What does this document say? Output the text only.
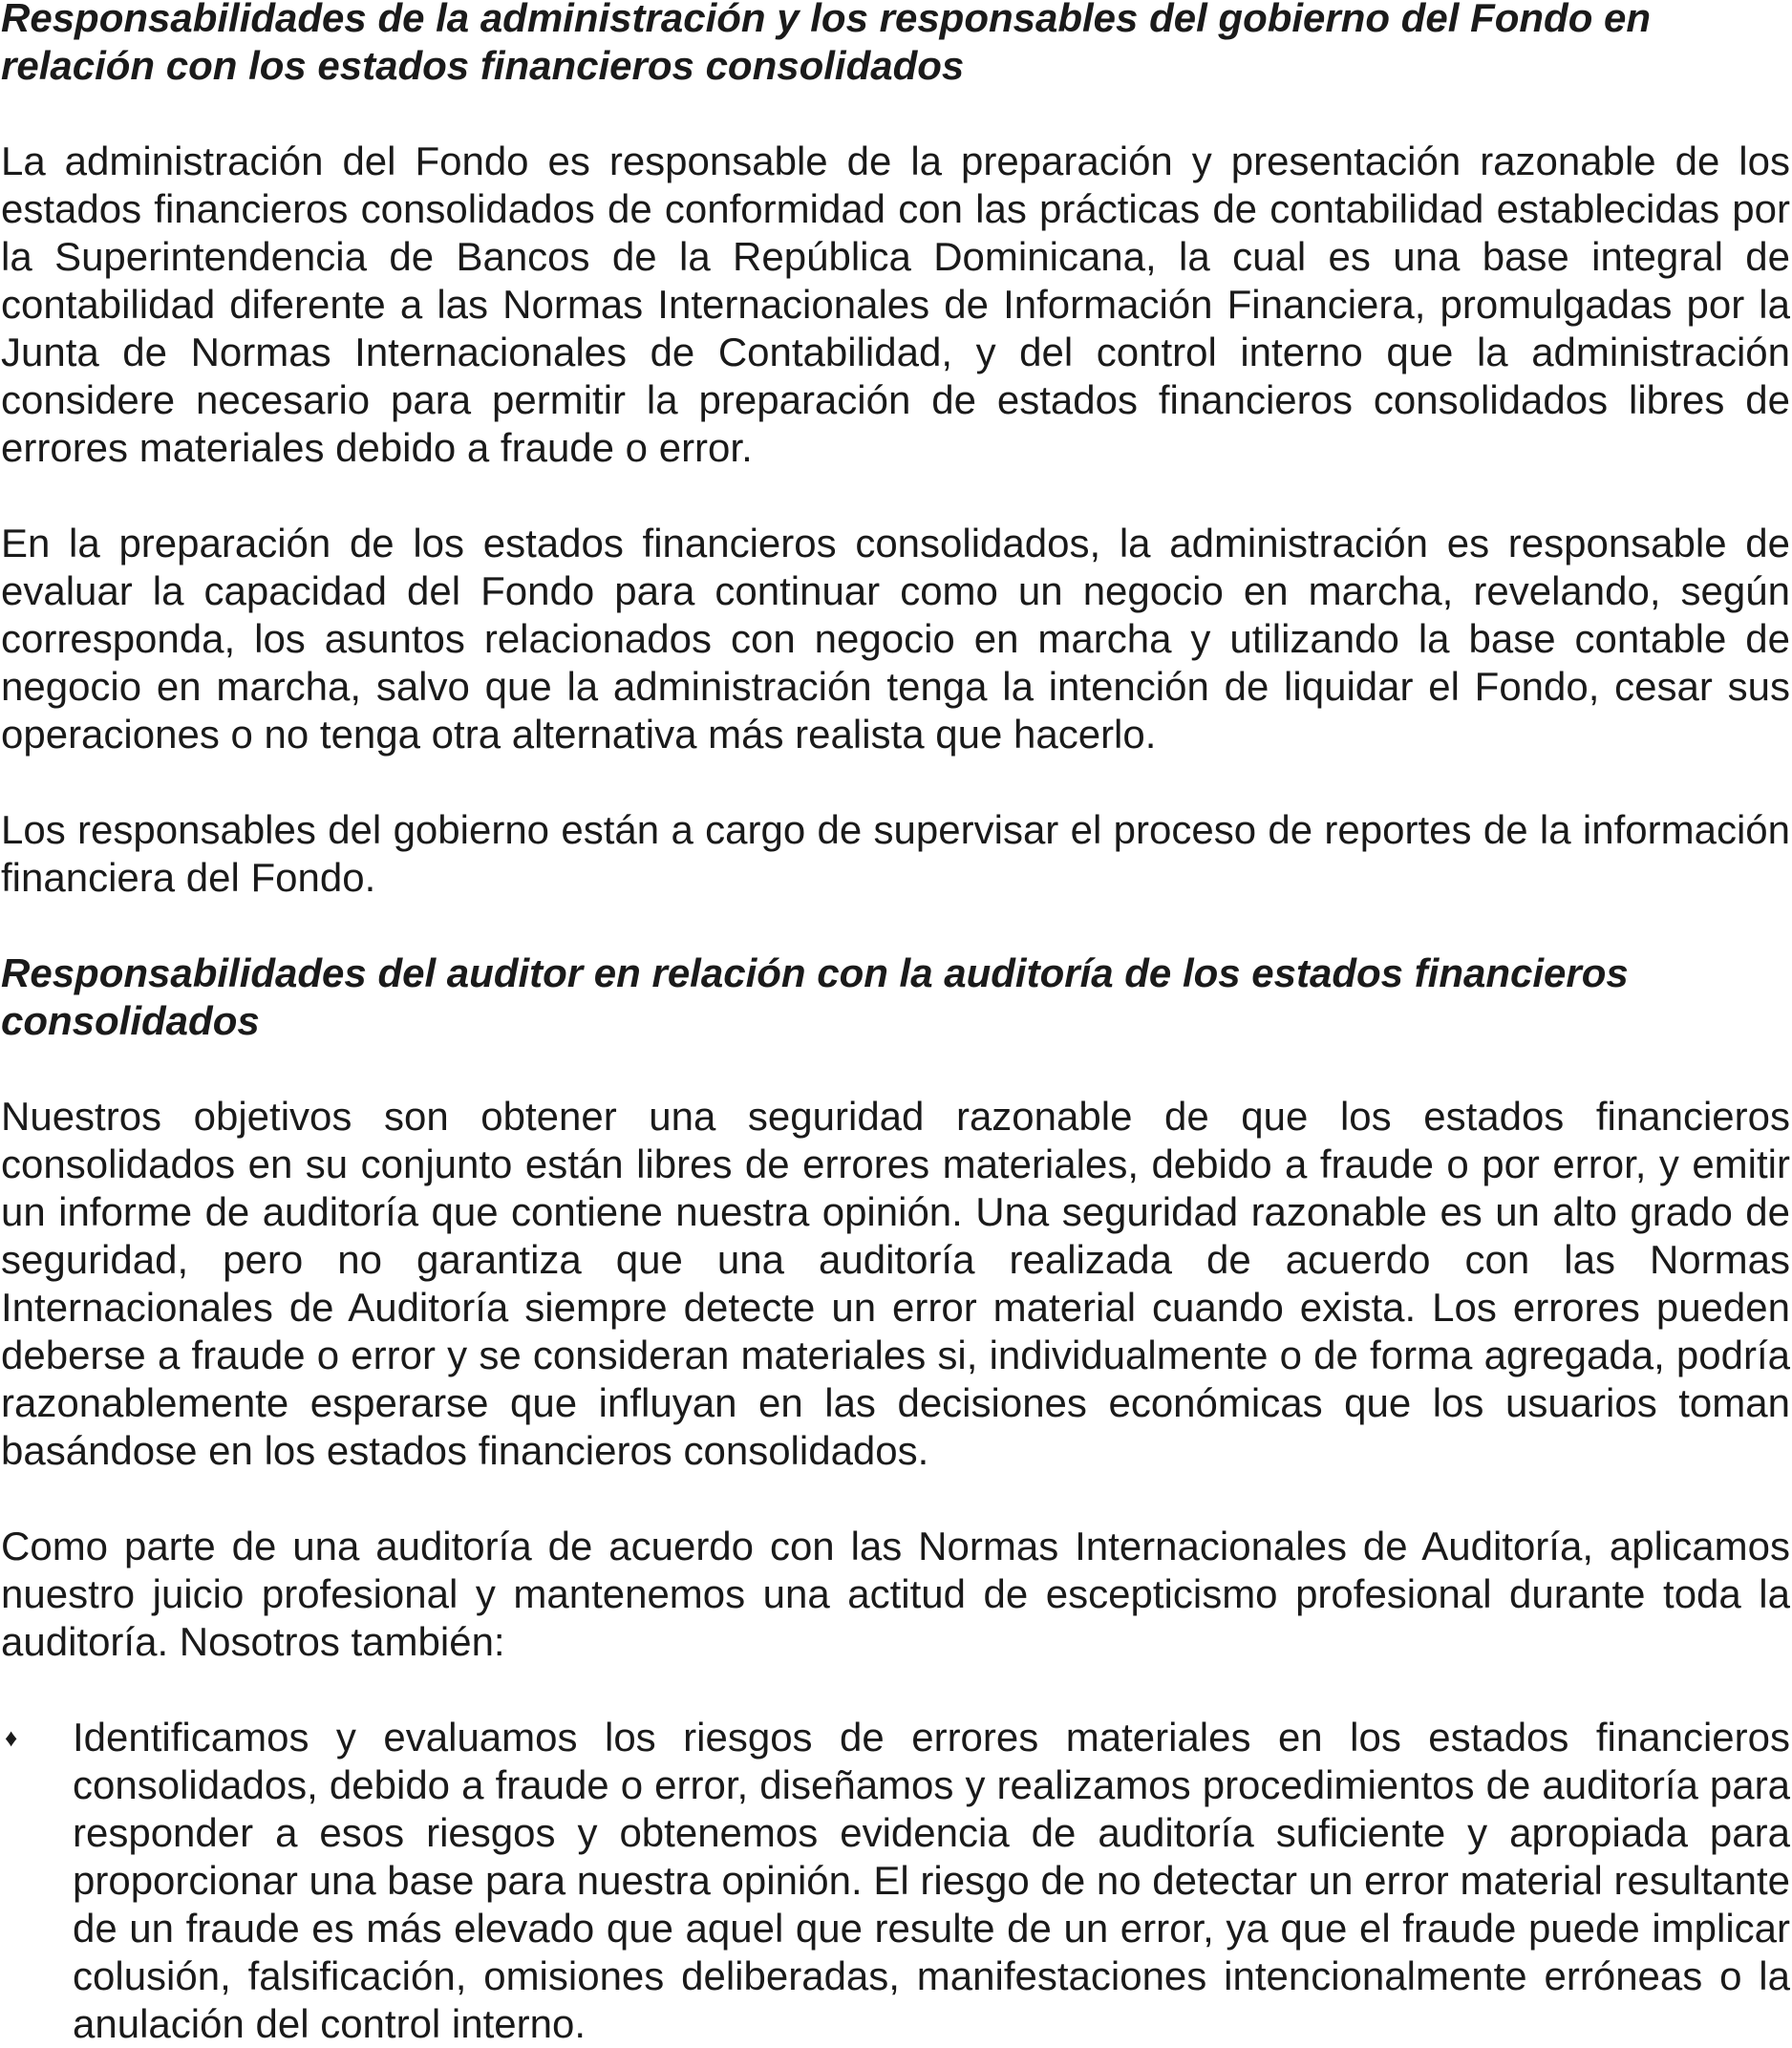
Responsabilidades de la administración y los responsables del gobierno del Fondo en relación con los estados financieros consolidados

La administración del Fondo es responsable de la preparación y presentación razonable de los estados financieros consolidados de conformidad con las prácticas de contabilidad establecidas por la Superintendencia de Bancos de la República Dominicana, la cual es una base integral de contabilidad diferente a las Normas Internacionales de Información Financiera, promulgadas por la Junta de Normas Internacionales de Contabilidad, y del control interno que la administración considere necesario para permitir la preparación de estados financieros consolidados libres de errores materiales debido a fraude o error.

En la preparación de los estados financieros consolidados, la administración es responsable de evaluar la capacidad del Fondo para continuar como un negocio en marcha, revelando, según corresponda, los asuntos relacionados con negocio en marcha y utilizando la base contable de negocio en marcha, salvo que la administración tenga la intención de liquidar el Fondo, cesar sus operaciones o no tenga otra alternativa más realista que hacerlo.

Los responsables del gobierno están a cargo de supervisar el proceso de reportes de la información financiera del Fondo.

Responsabilidades del auditor en relación con la auditoría de los estados financieros consolidados

Nuestros objetivos son obtener una seguridad razonable de que los estados financieros consolidados en su conjunto están libres de errores materiales, debido a fraude o por error, y emitir un informe de auditoría que contiene nuestra opinión. Una seguridad razonable es un alto grado de seguridad, pero no garantiza que una auditoría realizada de acuerdo con las Normas Internacionales de Auditoría siempre detecte un error material cuando exista. Los errores pueden deberse a fraude o error y se consideran materiales si, individualmente o de forma agregada, podría razonablemente esperarse que influyan en las decisiones económicas que los usuarios toman basándose en los estados financieros consolidados.

Como parte de una auditoría de acuerdo con las Normas Internacionales de Auditoría, aplicamos nuestro juicio profesional y mantenemos una actitud de escepticismo profesional durante toda la auditoría. Nosotros también:

♦	Identificamos y evaluamos los riesgos de errores materiales en los estados financieros consolidados, debido a fraude o error, diseñamos y realizamos procedimientos de auditoría para responder a esos riesgos y obtenemos evidencia de auditoría suficiente y apropiada para proporcionar una base para nuestra opinión. El riesgo de no detectar un error material resultante de un fraude es más elevado que aquel que resulte de un error, ya que el fraude puede implicar colusión, falsificación, omisiones deliberadas, manifestaciones intencionalmente erróneas o la anulación del control interno.
